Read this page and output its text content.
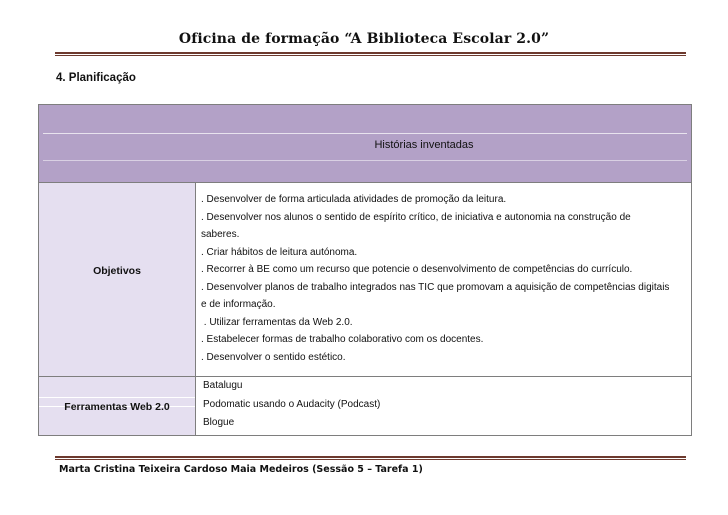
Oficina de formação “A Biblioteca Escolar 2.0”
4. Planificação
Histórias inventadas
Objetivos
. Desenvolver de forma articulada atividades de promoção da leitura.
. Desenvolver nos alunos o sentido de espírito crítico, de iniciativa e autonomia na construção de
saberes.
. Criar hábitos de leitura autónoma.
. Recorrer à BE como um recurso que potencie o desenvolvimento de competências do currículo.
. Desenvolver planos de trabalho integrados nas TIC que promovam a aquisição de competências digitais
e de informação.
. Utilizar ferramentas da Web 2.0.
. Estabelecer formas de trabalho colaborativo com os docentes.
. Desenvolver o sentido estético.
Ferramentas Web 2.0
Batalugu
Podomatic usando o Audacity (Podcast)
Blogue
Marta Cristina Teixeira Cardoso Maia Medeiros (Sessão 5 – Tarefa 1)
